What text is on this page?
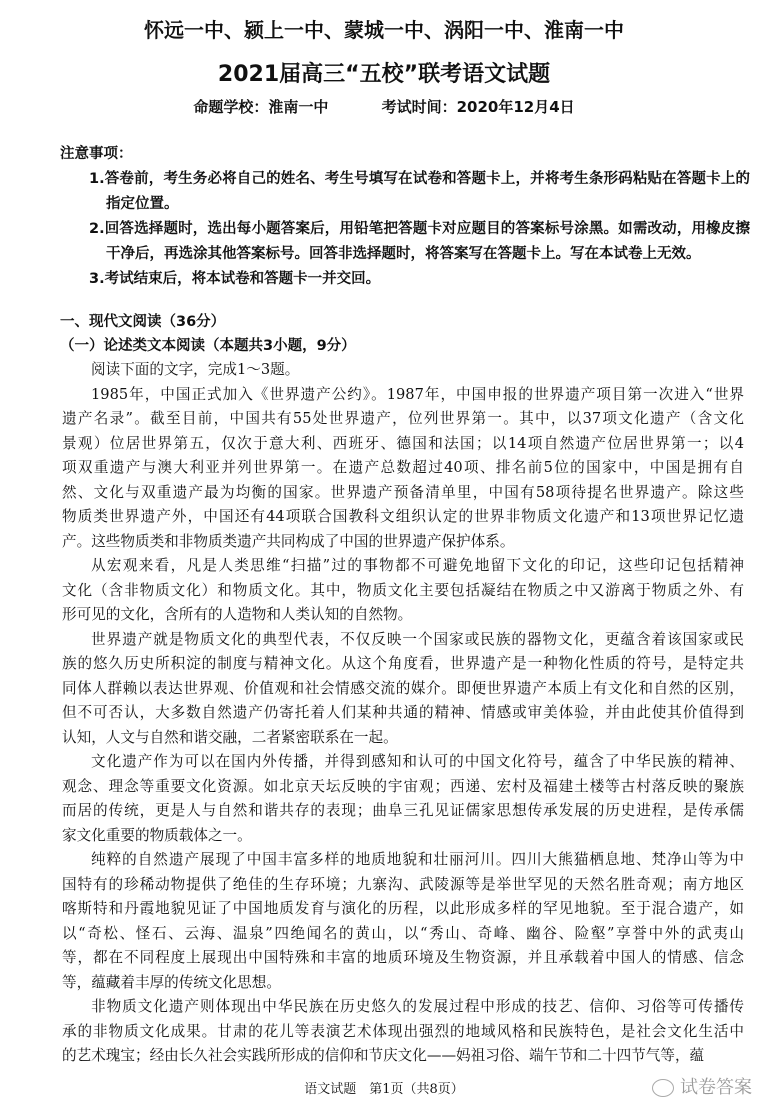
怀远一中、颍上一中、蒙城一中、涡阳一中、淮南一中
2021届高三“五校”联考语文试题
命题学校：淮南一中	考试时间：2020年12月4日
注意事项：
1.答卷前，考生务必将自己的姓名、考生号填写在试卷和答题卡上，并将考生条形码粘贴在答题卡上的指定位置。
2.回答选择题时，选出每小题答案后，用铅笔把答题卡对应题目的答案标号涂黑。如需改动，用橡皮擦干净后，再选涂其他答案标号。回答非选择题时，将答案写在答题卡上。写在本试卷上无效。
3.考试结束后，将本试卷和答题卡一并交回。
一、现代文阅读（36分）
（一）论述类文本阅读（本题共3小题，9分）
阅读下面的文字，完成1～3题。
1985年，中国正式加入《世界遗产公约》。1987年，中国申报的世界遗产项目第一次进入“世界
遗产名录”。截至目前，中国共有55处世界遗产，位列世界第一。其中，以37项文化遗产（含文化
景观）位居世界第五，仅次于意大利、西班牙、德国和法国；以14项自然遗产位居世界第一；以4
项双重遗产与澳大利亚并列世界第一。在遗产总数超过40项、排名前5位的国家中，中国是拥有自
然、文化与双重遗产最为均衡的国家。世界遗产预备清单里，中国有58项待提名世界遗产。除这些
物质类世界遗产外，中国还有44项联合国教科文组织认定的世界非物质文化遗产和13项世界记忆遗
产。这些物质类和非物质类遗产共同构成了中国的世界遗产保护体系。
从宏观来看，凡是人类思维“扫描”过的事物都不可避免地留下文化的印记，这些印记包括精神
文化（含非物质文化）和物质文化。其中，物质文化主要包括凝结在物质之中又游离于物质之外、有
形可见的文化，含所有的人造物和人类认知的自然物。
世界遗产就是物质文化的典型代表，不仅反映一个国家或民族的器物文化，更蕴含着该国家或民
族的悠久历史所积淀的制度与精神文化。从这个角度看，世界遗产是一种物化性质的符号，是特定共
同体人群赖以表达世界观、价值观和社会情感交流的媒介。即便世界遗产本质上有文化和自然的区别，
但不可否认，大多数自然遗产仍寄托着人们某种共通的精神、情感或审美体验，并由此使其价值得到
认知，人文与自然和谐交融，二者紧密联系在一起。
文化遗产作为可以在国内外传播，并得到感知和认可的中国文化符号，蕴含了中华民族的精神、
观念、理念等重要文化资源。如北京天坛反映的宇宙观；西递、宏村及福建土楼等古村落反映的聚族
而居的传统，更是人与自然和谐共存的表现；曲阜三孔见证儒家思想传承发展的历史进程，是传承儒
家文化重要的物质载体之一。
纯粹的自然遗产展现了中国丰富多样的地质地貌和壮丽河川。四川大熊猫栖息地、梵净山等为中
国特有的珍稀动物提供了绝佳的生存环境；九寨沟、武陵源等是举世罕见的天然名胜奇观；南方地区
喀斯特和丹霞地貌见证了中国地质发育与演化的历程，以此形成多样的罕见地貌。至于混合遗产，如
以“奇松、怪石、云海、温泉”四绝闻名的黄山，以“秀山、奇峰、幽谷、险壑”享誉中外的武夷山
等，都在不同程度上展现出中国特殊和丰富的地质环境及生物资源，并且承载着中国人的情感、信念
等，蕴藏着丰厚的传统文化思想。
非物质文化遗产则体现出中华民族在历史悠久的发展过程中形成的技艺、信仰、习俗等可传播传
承的非物质文化成果。甘肃的花儿等表演艺术体现出强烈的地域风格和民族特色，是社会文化生活中
的艺术瑰宝；经由长久社会实践所形成的信仰和节庆文化——妈祖习俗、端午节和二十四节气等，蕴
语文试题　第1页（共8页）	试卷答案
